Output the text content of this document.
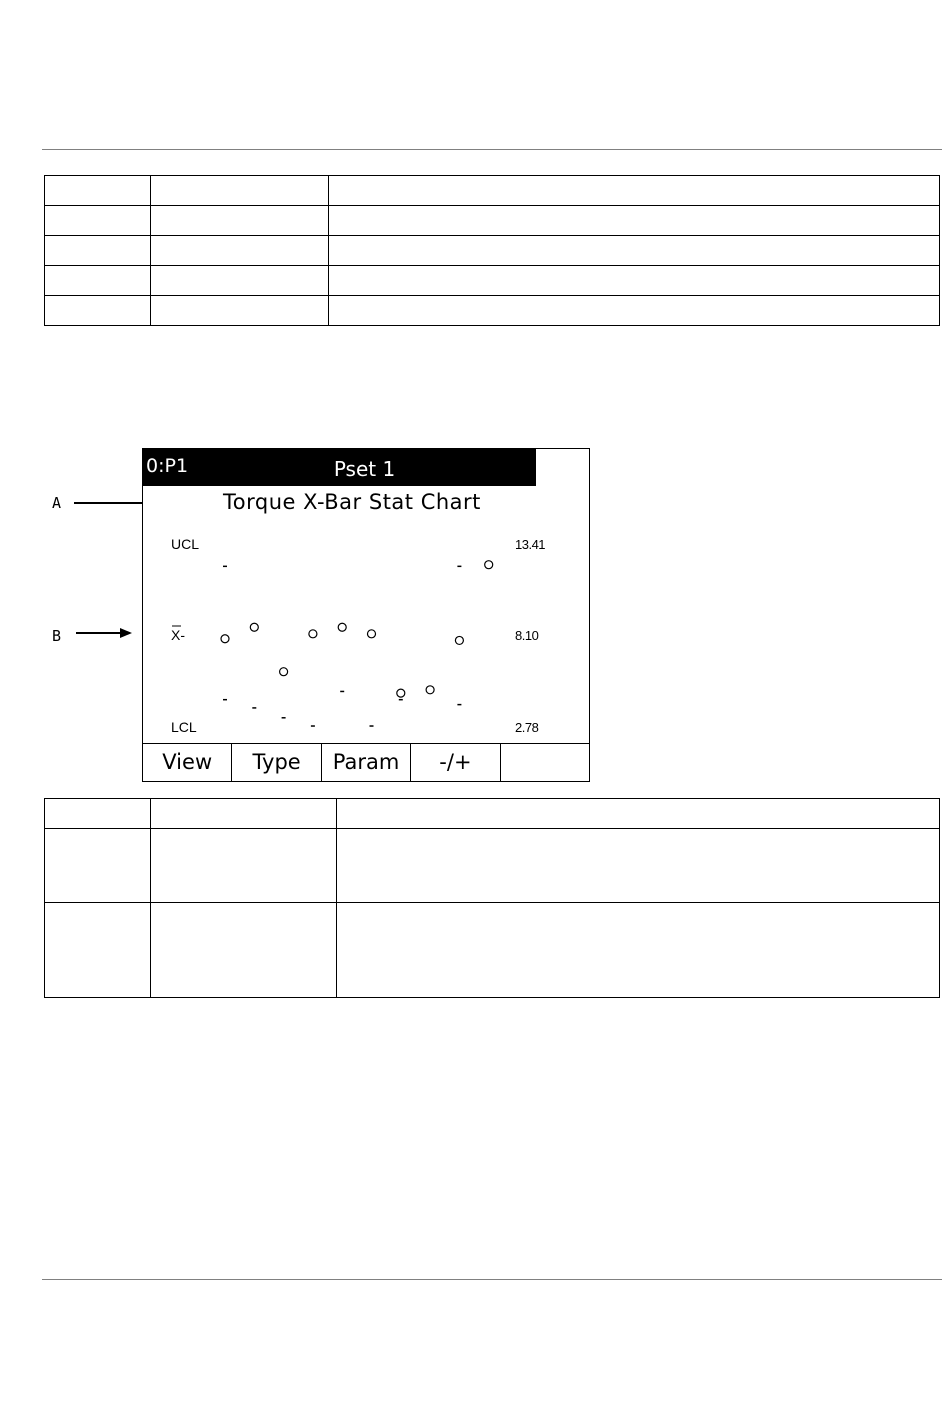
A
B
0:P1	Pset 1
Torque X-Bar Stat Chart
UCL
X-
LCL
13.41
8.10
2.78
View	Type	Param	-/+
